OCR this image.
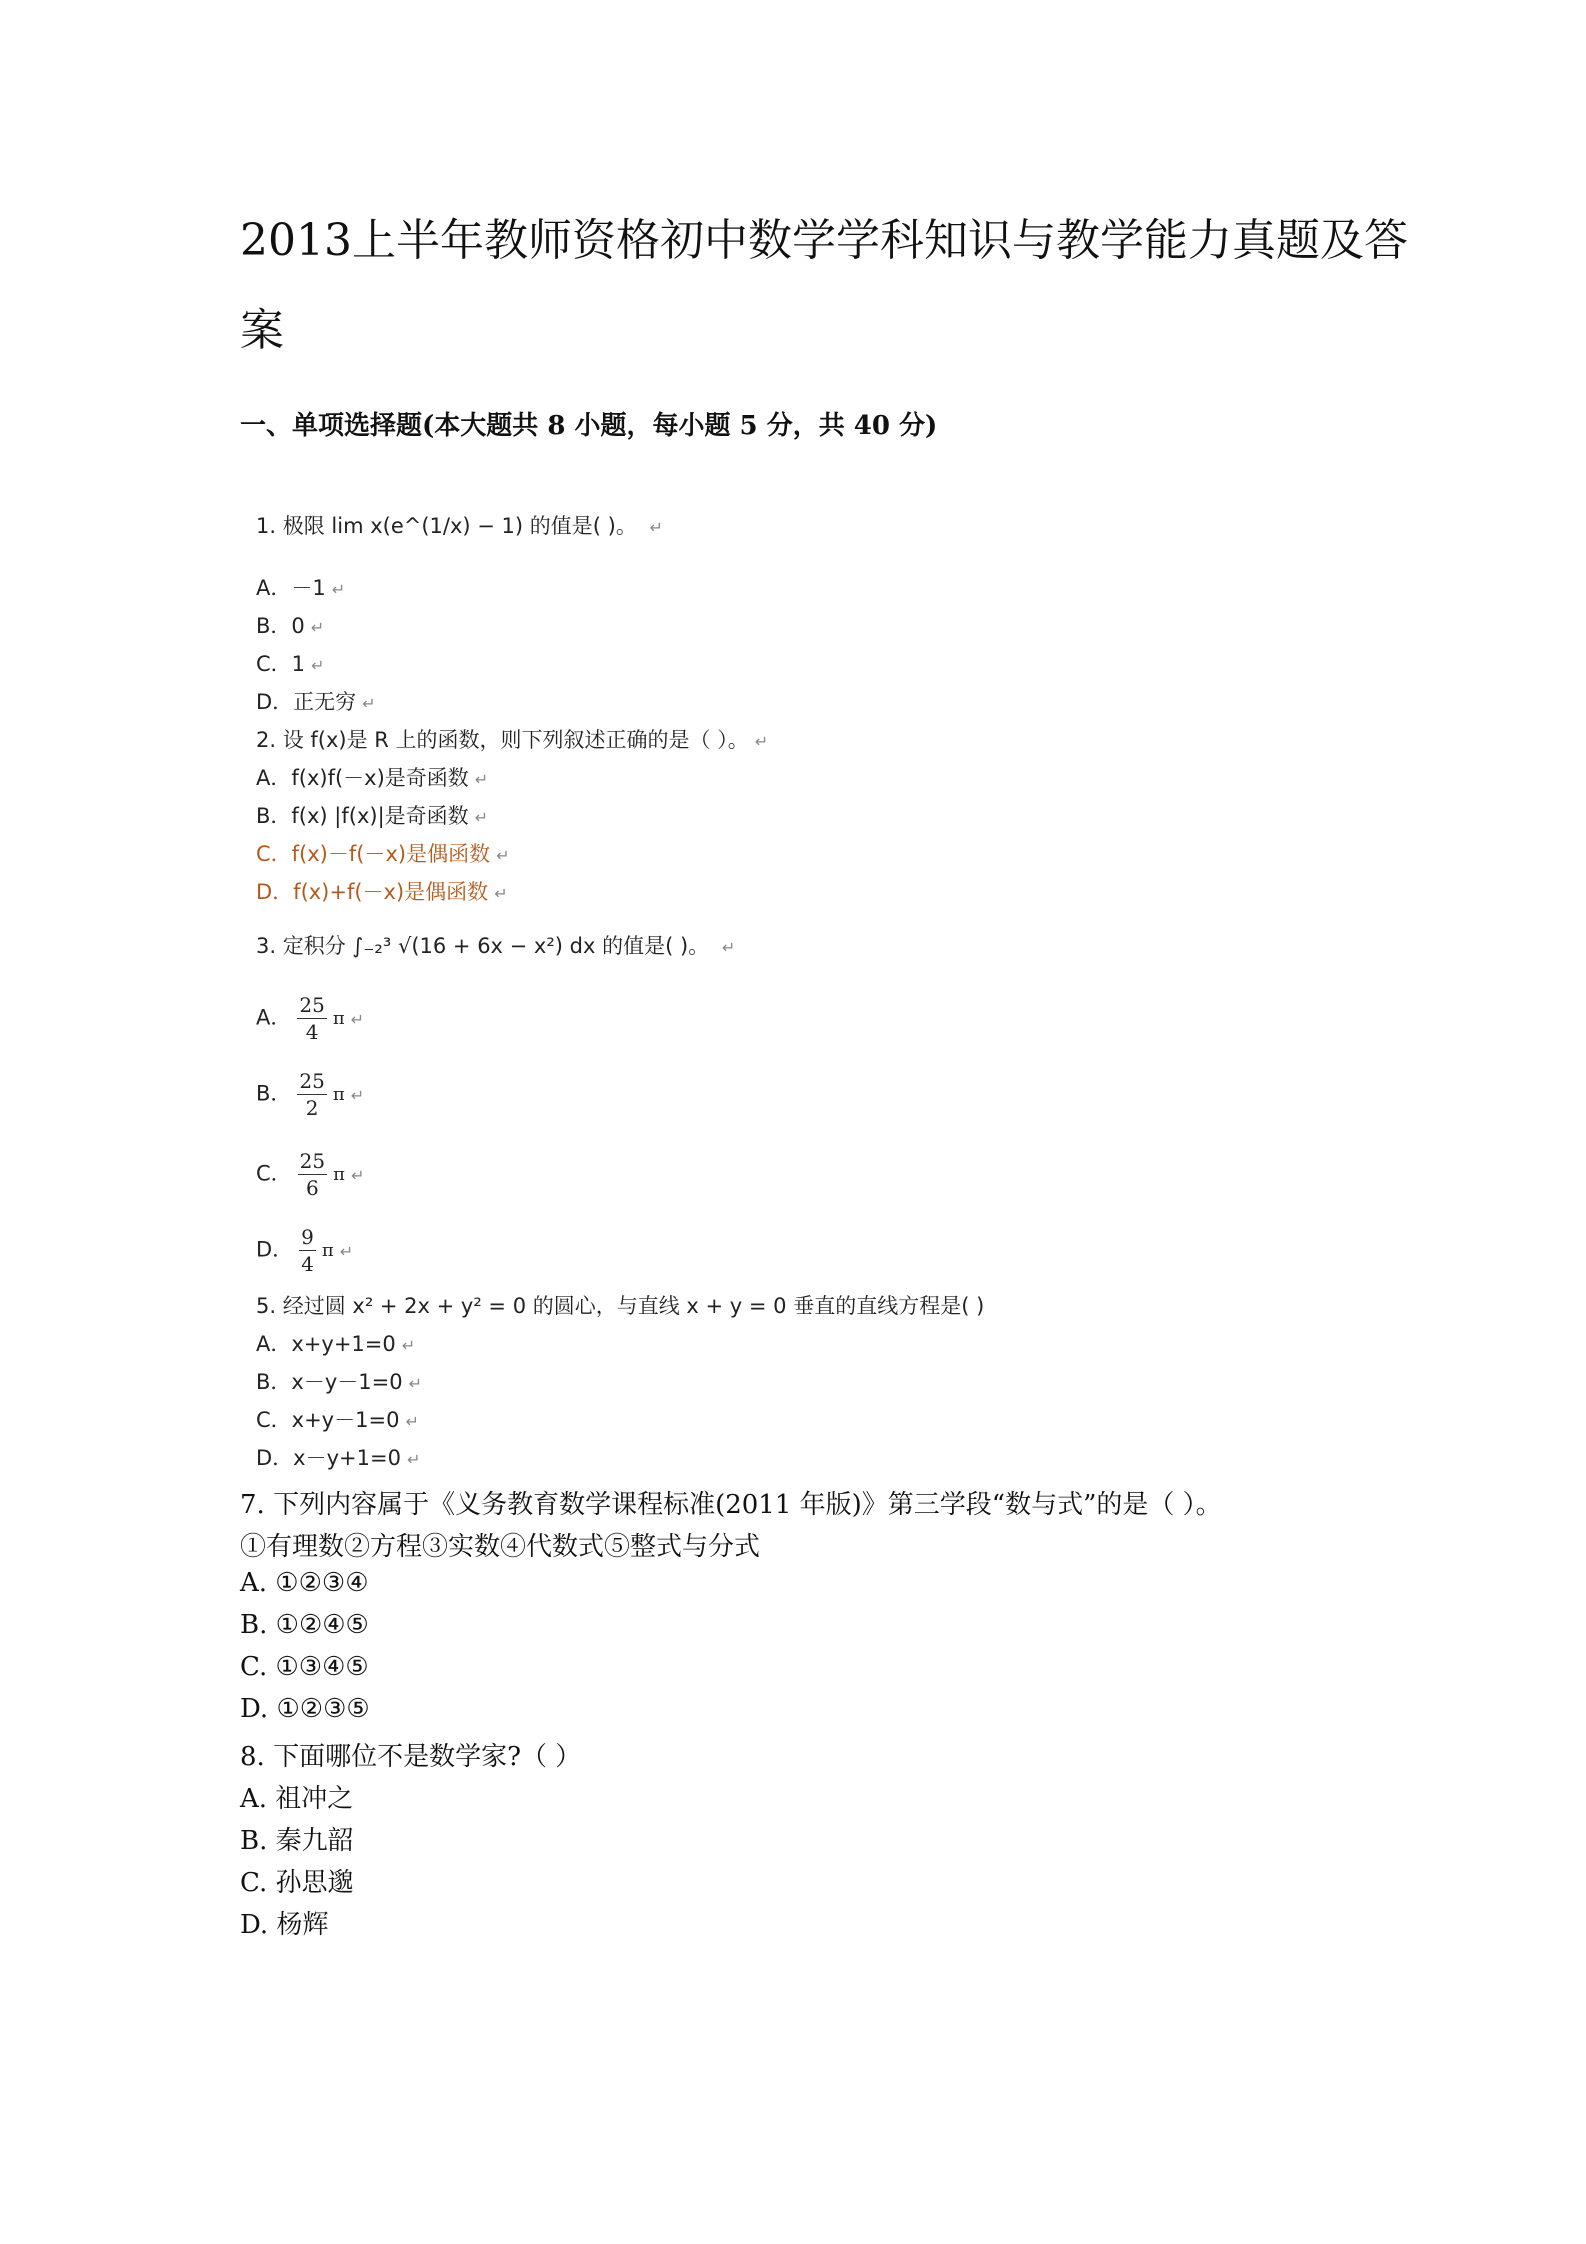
2013上半年教师资格初中数学学科知识与教学能力真题及答案
一、单项选择题(本大题共 8 小题，每小题 5 分，共 40 分)
1. 极限 lim x(e^(1/x) − 1) 的值是( )。 ↵
A．－1 ↵
B．0 ↵
C．1 ↵
D．正无穷 ↵
2. 设 f(x)是 R 上的函数，则下列叙述正确的是（ ）。 ↵
A．f(x)f(－x)是奇函数 ↵
B．f(x) |f(x)|是奇函数 ↵
C．f(x)－f(－x)是偶函数 ↵
D．f(x)+f(－x)是偶函数 ↵
3. 定积分 ∫₋₂³ √(16 + 6x − x²) dx 的值是( )。 ↵
A． $\frac{25}{4}$ π ↵
B． $\frac{25}{2}$ π ↵
C． $\frac{25}{6}$ π ↵
D． $\frac{9}{4}$ π ↵
5. 经过圆 x² + 2x + y² = 0 的圆心，与直线 x + y = 0 垂直的直线方程是( )
A．x+y+1=0 ↵
B．x－y－1=0 ↵
C．x+y－1=0 ↵
D．x－y+1=0 ↵
7. 下列内容属于《义务教育数学课程标准(2011 年版)》第三学段“数与式”的是（ ）。
①有理数②方程③实数④代数式⑤整式与分式
A. ①②③④
B. ①②④⑤
C. ①③④⑤
D. ①②③⑤
8. 下面哪位不是数学家?（ ）
A. 祖冲之
B. 秦九韶
C. 孙思邈
D. 杨辉
